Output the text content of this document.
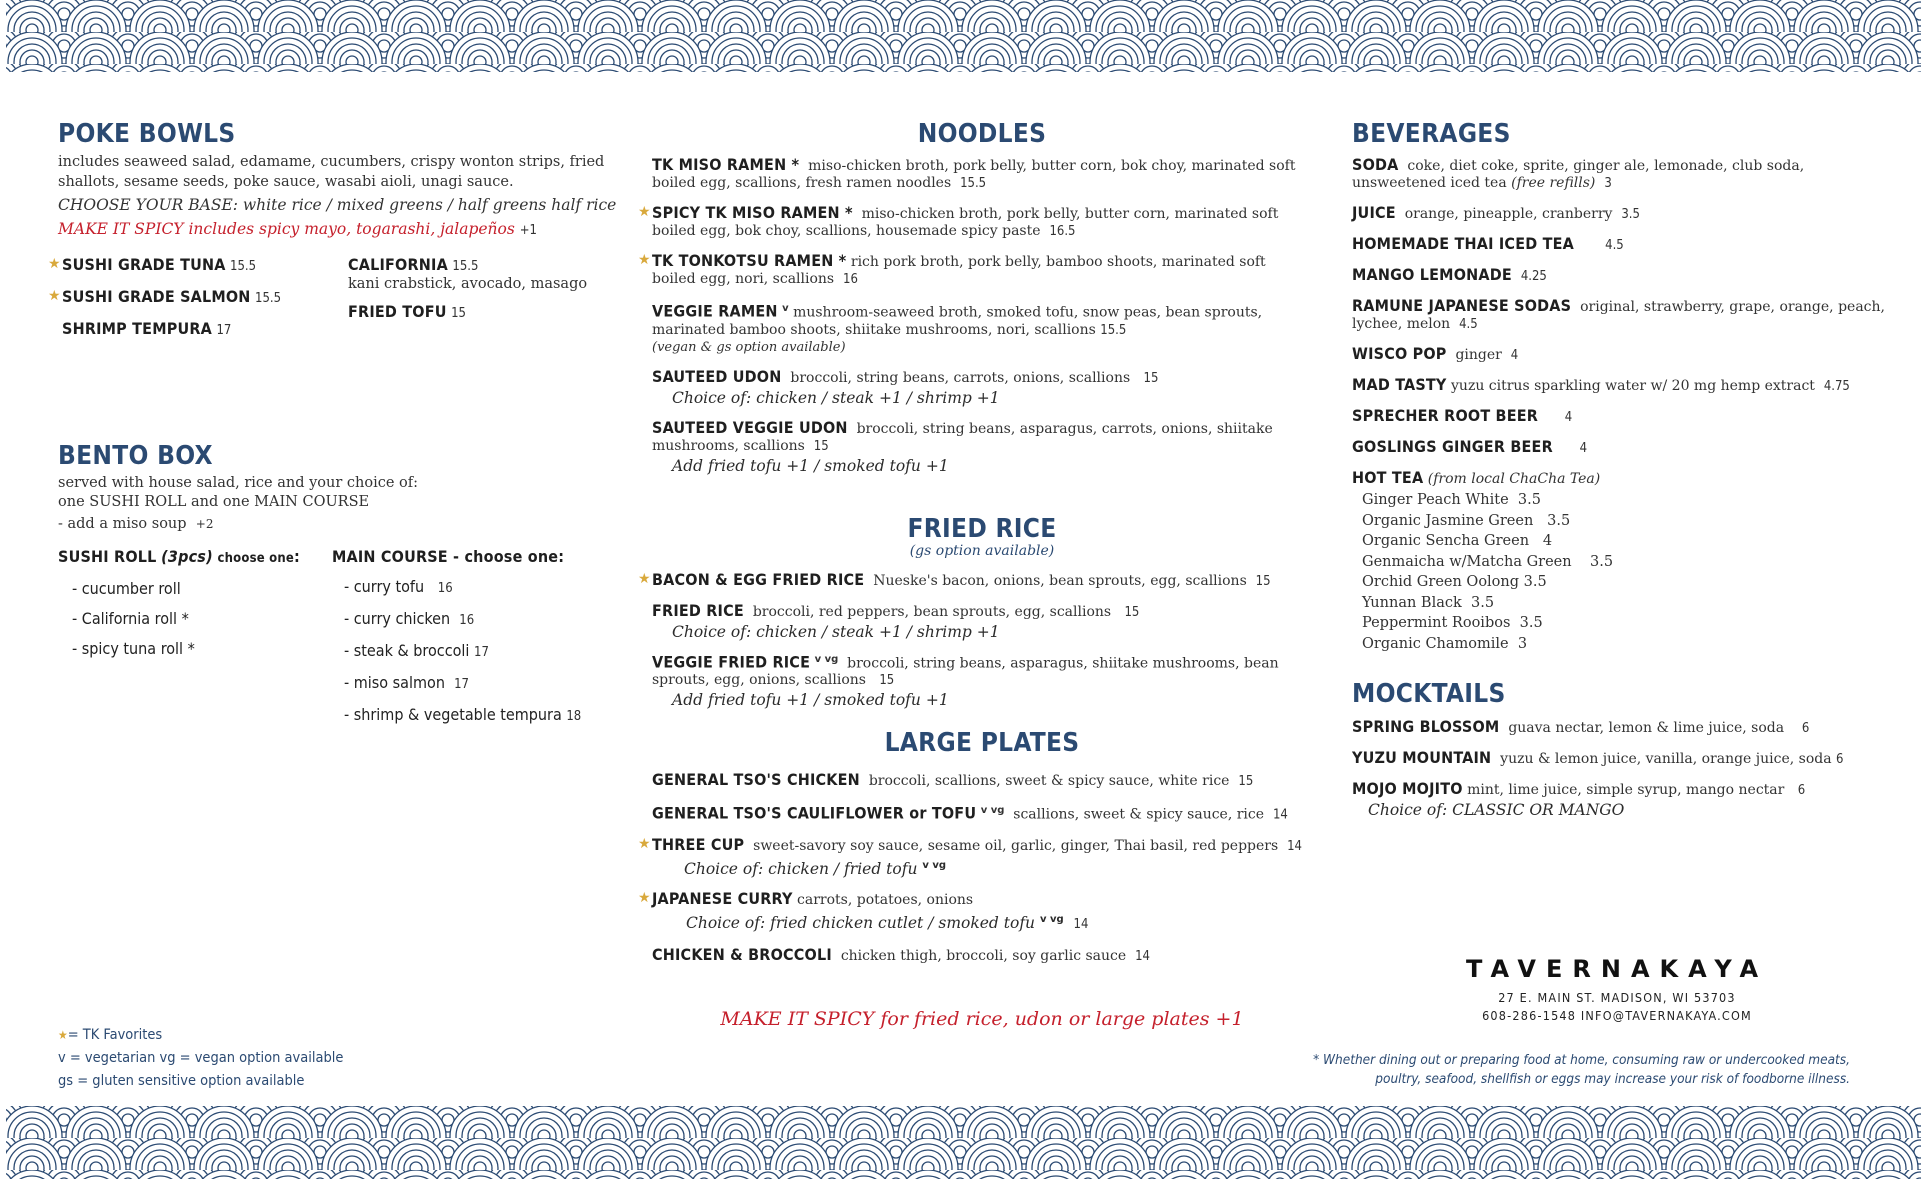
POKE BOWLS
includes seaweed salad, edamame, cucumbers, crispy wonton strips, fried shallots, sesame seeds, poke sauce, wasabi aioli, unagi sauce.
CHOOSE YOUR BASE: white rice / mixed greens / half greens half rice
MAKE IT SPICY includes spicy mayo, togarashi, jalapeños +1
★ SUSHI GRADE TUNA 15.5
★ SUSHI GRADE SALMON 15.5
SHRIMP TEMPURA 17
CALIFORNIA 15.5
kani crabstick, avocado, masago
FRIED TOFU 15
BENTO BOX
served with house salad, rice and your choice of:
one SUSHI ROLL and one MAIN COURSE
- add a miso soup +2
SUSHI ROLL (3pcs) choose one:
- cucumber roll
- California roll *
- spicy tuna roll *
MAIN COURSE - choose one:
- curry tofu 16
- curry chicken 16
- steak & broccoli 17
- miso salmon 17
- shrimp & vegetable tempura 18
NOODLES
TK MISO RAMEN * miso-chicken broth, pork belly, butter corn, bok choy, marinated soft boiled egg, scallions, fresh ramen noodles 15.5
★ SPICY TK MISO RAMEN * miso-chicken broth, pork belly, butter corn, marinated soft boiled egg, bok choy, scallions, housemade spicy paste 16.5
★ TK TONKOTSU RAMEN * rich pork broth, pork belly, bamboo shoots, marinated soft boiled egg, nori, scallions 16
VEGGIE RAMEN $^v$ mushroom-seaweed broth, smoked tofu, snow peas, bean sprouts, marinated bamboo shoots, shiitake mushrooms, nori, scallions 15.5
(vegan & gs option available)
SAUTEED UDON broccoli, string beans, carrots, onions, scallions 15
Choice of: chicken / steak +1 / shrimp +1
SAUTEED VEGGIE UDON broccoli, string beans, asparagus, carrots, onions, shiitake mushrooms, scallions 15
Add fried tofu +1 / smoked tofu +1
FRIED RICE
(gs option available)
★ BACON & EGG FRIED RICE Nueske's bacon, onions, bean sprouts, egg, scallions 15
FRIED RICE broccoli, red peppers, bean sprouts, egg, scallions 15
Choice of: chicken / steak +1 / shrimp +1
VEGGIE FRIED RICE $^{v vg}$ broccoli, string beans, asparagus, shiitake mushrooms, bean sprouts, egg, onions, scallions 15
Add fried tofu +1 / smoked tofu +1
LARGE PLATES
GENERAL TSO'S CHICKEN broccoli, scallions, sweet & spicy sauce, white rice 15
GENERAL TSO'S CAULIFLOWER or TOFU $^{v vg}$ scallions, sweet & spicy sauce, rice 14
★ THREE CUP sweet-savory soy sauce, sesame oil, garlic, ginger, Thai basil, red peppers 14
Choice of: chicken / fried tofu $^{v vg}$
★ JAPANESE CURRY carrots, potatoes, onions
Choice of: fried chicken cutlet / smoked tofu $^{v vg}$ 14
CHICKEN & BROCCOLI chicken thigh, broccoli, soy garlic sauce 14
MAKE IT SPICY for fried rice, udon or large plates +1
BEVERAGES
SODA coke, diet coke, sprite, ginger ale, lemonade, club soda, unsweetened iced tea (free refills) 3
JUICE orange, pineapple, cranberry 3.5
HOMEMADE THAI ICED TEA 4.5
MANGO LEMONADE 4.25
RAMUNE JAPANESE SODAS original, strawberry, grape, orange, peach, lychee, melon 4.5
WISCO POP ginger 4
MAD TASTY yuzu citrus sparkling water w/ 20 mg hemp extract 4.75
SPRECHER ROOT BEER 4
GOSLINGS GINGER BEER 4
HOT TEA (from local ChaCha Tea)
Ginger Peach White 3.5
Organic Jasmine Green 3.5
Organic Sencha Green 4
Genmaicha w/Matcha Green 3.5
Orchid Green Oolong 3.5
Yunnan Black 3.5
Peppermint Rooibos 3.5
Organic Chamomile 3
MOCKTAILS
SPRING BLOSSOM guava nectar, lemon & lime juice, soda 6
YUZU MOUNTAIN yuzu & lemon juice, vanilla, orange juice, soda 6
MOJO MOJITO mint, lime juice, simple syrup, mango nectar 6
Choice of: CLASSIC OR MANGO
TAVERNAKAYA
27 E. MAIN ST. MADISON, WI 53703
608-286-1548 INFO@TAVERNAKAYA.COM
* Whether dining out or preparing food at home, consuming raw or undercooked meats,
poultry, seafood, shellfish or eggs may increase your risk of foodborne illness.
★= TK Favorites
v = vegetarian vg = vegan option available
gs = gluten sensitive option available
